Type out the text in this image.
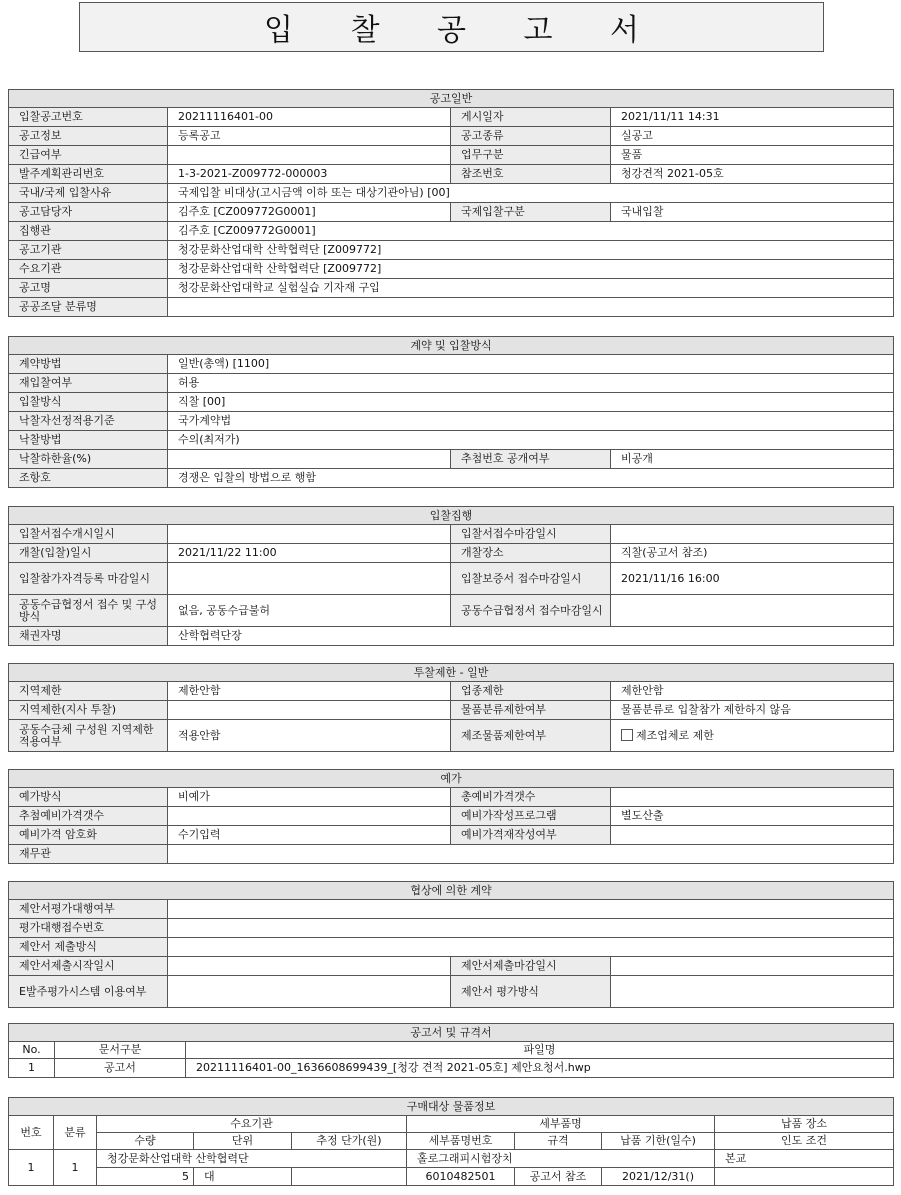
입 찰 공 고 서
공고일반			
입찰공고번호	20211116401-00	게시일자	2021/11/11 14:31
공고정보	등록공고	공고종류	실공고
긴급여부		업무구분	물품
발주계획관리번호	1-3-2021-Z009772-000003	참조번호	청강견적 2021-05호
국내/국제 입찰사유	국제입찰 비대상(고시금액 이하 또는 대상기관아님) [00]		
공고담당자	김주호 [CZ009772G0001]	국제입찰구분	국내입찰
집행관	김주호 [CZ009772G0001]		
공고기관	청강문화산업대학 산학협력단 [Z009772]		
수요기관	청강문화산업대학 산학협력단 [Z009772]		
공고명	청강문화산업대학교 실험실습 기자재 구입		
공공조달 분류명			
계약 및 입찰방식			
계약방법	일반(총액) [1100]		
재입찰여부	허용		
입찰방식	직찰 [00]		
낙찰자선정적용기준	국가계약법		
낙찰방법	수의(최저가)		
낙찰하한율(%)		추첨번호 공개여부	비공개
조항호	경쟁은 입찰의 방법으로 행함		
입찰집행			
입찰서접수개시일시		입찰서접수마감일시	
개찰(입찰)일시	2021/11/22 11:00	개찰장소	직찰(공고서 참조)
입찰참가자격등록 마감일시		입찰보증서 접수마감일시	2021/11/16 16:00
공동수급협정서 접수 및 구성방식	없음, 공동수급불허	공동수급협정서 접수마감일시	
채권자명	산학협력단장		
투찰제한 - 일반			
지역제한	제한안함	업종제한	제한안함
지역제한(지사 투찰)		물품분류제한여부	물품분류로 입찰참가 제한하지 않음
공동수급체 구성원 지역제한 적용여부	적용안함	제조물품제한여부	제조업체로 제한
예가			
예가방식	비예가	총예비가격갯수	
추첨예비가격갯수		예비가작성프로그램	별도산출
예비가격 암호화	수기입력	예비가격재작성여부	
재무관			
협상에 의한 계약			
제안서평가대행여부			
평가대행접수번호			
제안서 제출방식			
제안서제출시작일시		제안서제출마감일시	
E발주평가시스템 이용여부		제안서 평가방식	
공고서 및 규격서		
No.	문서구분	파일명
1	공고서	20211116401-00_1636608699439_[청강 견적 2021-05호] 제안요청서.hwp
구매대상 물품정보								
번호	분류	수요기관			세부품명			납품 장소
		수량	단위	추정 단가(원)	세부품명번호	규격	납품 기한(일수)	인도 조건
1	1	청강문화산업대학 산학협력단			홀로그래피시험장치			본교
		5	대		6010482501	공고서 참조	2021/12/31()	
